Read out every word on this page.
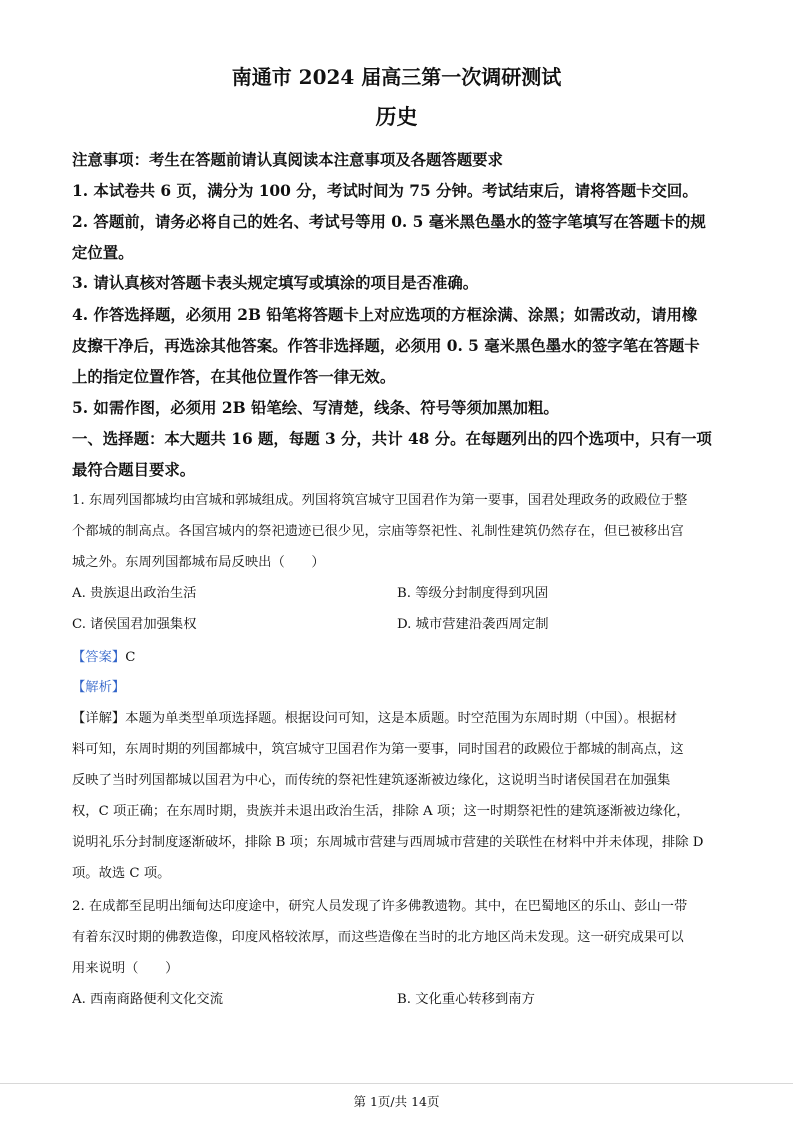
南通市 2024 届高三第一次调研测试
历史
注意事项：考生在答题前请认真阅读本注意事项及各题答题要求
1. 本试卷共 6 页，满分为 100 分，考试时间为 75 分钟。考试结束后，请将答题卡交回。
2. 答题前，请务必将自己的姓名、考试号等用 0. 5 毫米黑色墨水的签字笔填写在答题卡的规
定位置。
3. 请认真核对答题卡表头规定填写或填涂的项目是否准确。
4. 作答选择题，必须用 2B 铅笔将答题卡上对应选项的方框涂满、涂黑；如需改动，请用橡
皮擦干净后，再选涂其他答案。作答非选择题，必须用 0. 5 毫米黑色墨水的签字笔在答题卡
上的指定位置作答，在其他位置作答一律无效。
5. 如需作图，必须用 2B 铅笔绘、写清楚，线条、符号等须加黑加粗。
一、选择题：本大题共 16 题，每题 3 分，共计 48 分。在每题列出的四个选项中，只有一项
最符合题目要求。
1. 东周列国都城均由宫城和郭城组成。列国将筑宫城守卫国君作为第一要事，国君处理政务的政殿位于整
个都城的制高点。各国宫城内的祭祀遗迹已很少见，宗庙等祭祀性、礼制性建筑仍然存在，但已被移出宫
城之外。东周列国都城布局反映出（　　）
A. 贵族退出政治生活	B. 等级分封制度得到巩固
C. 诸侯国君加强集权	D. 城市营建沿袭西周定制
【答案】C
【解析】
【详解】本题为单类型单项选择题。根据设问可知，这是本质题。时空范围为东周时期（中国）。根据材
料可知，东周时期的列国都城中，筑宫城守卫国君作为第一要事，同时国君的政殿位于都城的制高点，这
反映了当时列国都城以国君为中心，而传统的祭祀性建筑逐渐被边缘化，这说明当时诸侯国君在加强集
权，C 项正确；在东周时期，贵族并未退出政治生活，排除 A 项；这一时期祭祀性的建筑逐渐被边缘化，
说明礼乐分封制度逐渐破坏，排除 B 项；东周城市营建与西周城市营建的关联性在材料中并未体现，排除 D
项。故选 C 项。
2. 在成都至昆明出缅甸达印度途中，研究人员发现了许多佛教遗物。其中，在巴蜀地区的乐山、彭山一带
有着东汉时期的佛教造像，印度风格较浓厚，而这些造像在当时的北方地区尚未发现。这一研究成果可以
用来说明（　　）
A. 西南商路便利文化交流	B. 文化重心转移到南方
第 1页/共 14页
